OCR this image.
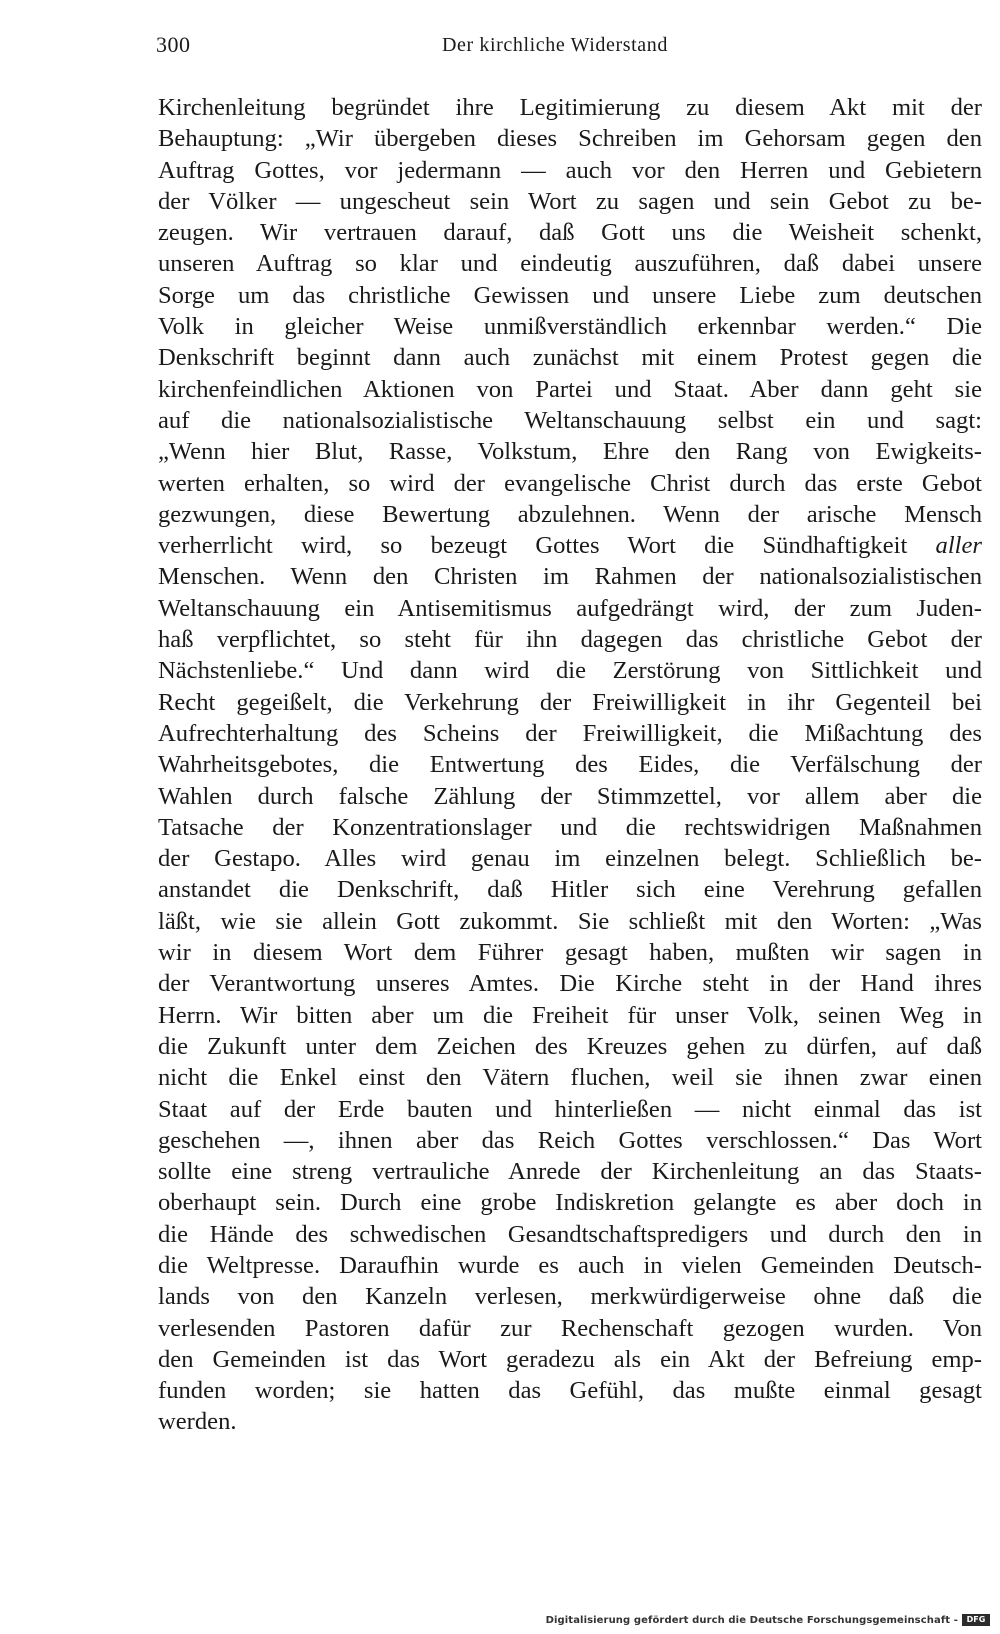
300	Der kirchliche Widerstand
Kirchenleitung begründet ihre Legitimierung zu diesem Akt mit der
Behauptung: „Wir übergeben dieses Schreiben im Gehorsam gegen den
Auftrag Gottes, vor jedermann — auch vor den Herren und Gebietern
der Völker — ungescheut sein Wort zu sagen und sein Gebot zu be-
zeugen. Wir vertrauen darauf, daß Gott uns die Weisheit schenkt,
unseren Auftrag so klar und eindeutig auszuführen, daß dabei unsere
Sorge um das christliche Gewissen und unsere Liebe zum deutschen
Volk in gleicher Weise unmißverständlich erkennbar werden.“ Die
Denkschrift beginnt dann auch zunächst mit einem Protest gegen die
kirchenfeindlichen Aktionen von Partei und Staat. Aber dann geht sie
auf die nationalsozialistische Weltanschauung selbst ein und sagt:
„Wenn hier Blut, Rasse, Volkstum, Ehre den Rang von Ewigkeits-
werten erhalten, so wird der evangelische Christ durch das erste Gebot
gezwungen, diese Bewertung abzulehnen. Wenn der arische Mensch
verherrlicht wird, so bezeugt Gottes Wort die Sündhaftigkeit aller
Menschen. Wenn den Christen im Rahmen der nationalsozialistischen
Weltanschauung ein Antisemitismus aufgedrängt wird, der zum Juden-
haß verpflichtet, so steht für ihn dagegen das christliche Gebot der
Nächstenliebe.“ Und dann wird die Zerstörung von Sittlichkeit und
Recht gegeißelt, die Verkehrung der Freiwilligkeit in ihr Gegenteil bei
Aufrechterhaltung des Scheins der Freiwilligkeit, die Mißachtung des
Wahrheitsgebotes, die Entwertung des Eides, die Verfälschung der
Wahlen durch falsche Zählung der Stimmzettel, vor allem aber die
Tatsache der Konzentrationslager und die rechtswidrigen Maßnahmen
der Gestapo. Alles wird genau im einzelnen belegt. Schließlich be-
anstandet die Denkschrift, daß Hitler sich eine Verehrung gefallen
läßt, wie sie allein Gott zukommt. Sie schließt mit den Worten: „Was
wir in diesem Wort dem Führer gesagt haben, mußten wir sagen in
der Verantwortung unseres Amtes. Die Kirche steht in der Hand ihres
Herrn. Wir bitten aber um die Freiheit für unser Volk, seinen Weg in
die Zukunft unter dem Zeichen des Kreuzes gehen zu dürfen, auf daß
nicht die Enkel einst den Vätern fluchen, weil sie ihnen zwar einen
Staat auf der Erde bauten und hinterließen — nicht einmal das ist
geschehen —, ihnen aber das Reich Gottes verschlossen.“ Das Wort
sollte eine streng vertrauliche Anrede der Kirchenleitung an das Staats-
oberhaupt sein. Durch eine grobe Indiskretion gelangte es aber doch in
die Hände des schwedischen Gesandtschaftspredigers und durch den in
die Weltpresse. Daraufhin wurde es auch in vielen Gemeinden Deutsch-
lands von den Kanzeln verlesen, merkwürdigerweise ohne daß die
verlesenden Pastoren dafür zur Rechenschaft gezogen wurden. Von
den Gemeinden ist das Wort geradezu als ein Akt der Befreiung emp-
funden worden; sie hatten das Gefühl, das mußte einmal gesagt
werden.
Digitalisierung gefördert durch die Deutsche Forschungsgemeinschaft -	DFG
